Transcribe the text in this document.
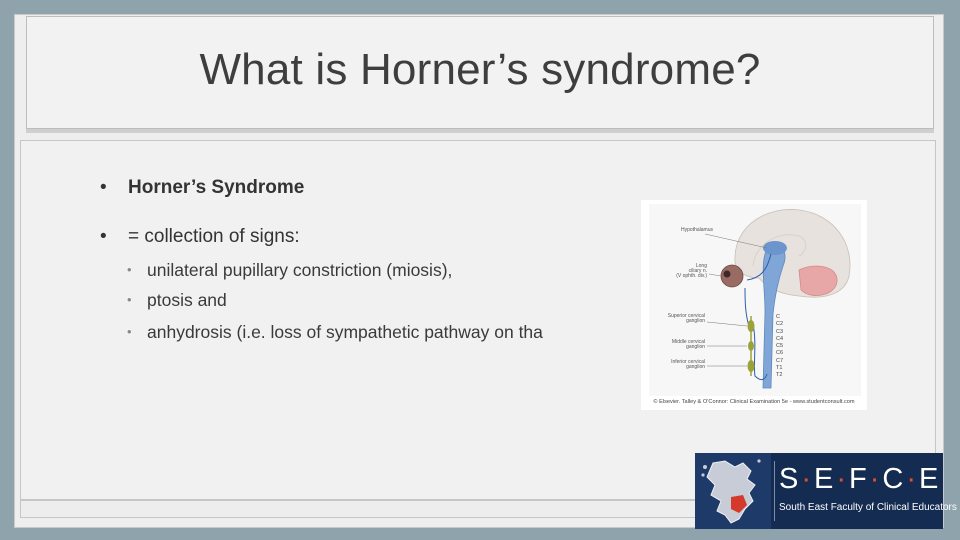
What is Horner’s syndrome?
• Horner’s Syndrome
• = collection of signs:
• unilateral pupillary constriction (miosis),
• ptosis and
• anhydrosis (i.e. loss of sympathetic pathway on tha
Hypothalamus
Long
ciliary n.
(V ophth. div.)
Superior cervical
ganglion
Middle cervical
ganglion
Inferior cervical
ganglion
C
C2
C3
C4
C5
C6
C7
T1
T2
© Elsevier. Talley & O’Connor: Clinical Examination 5e - www.studentconsult.com
S·E·F·C·E
South East Faculty of Clinical Educators
